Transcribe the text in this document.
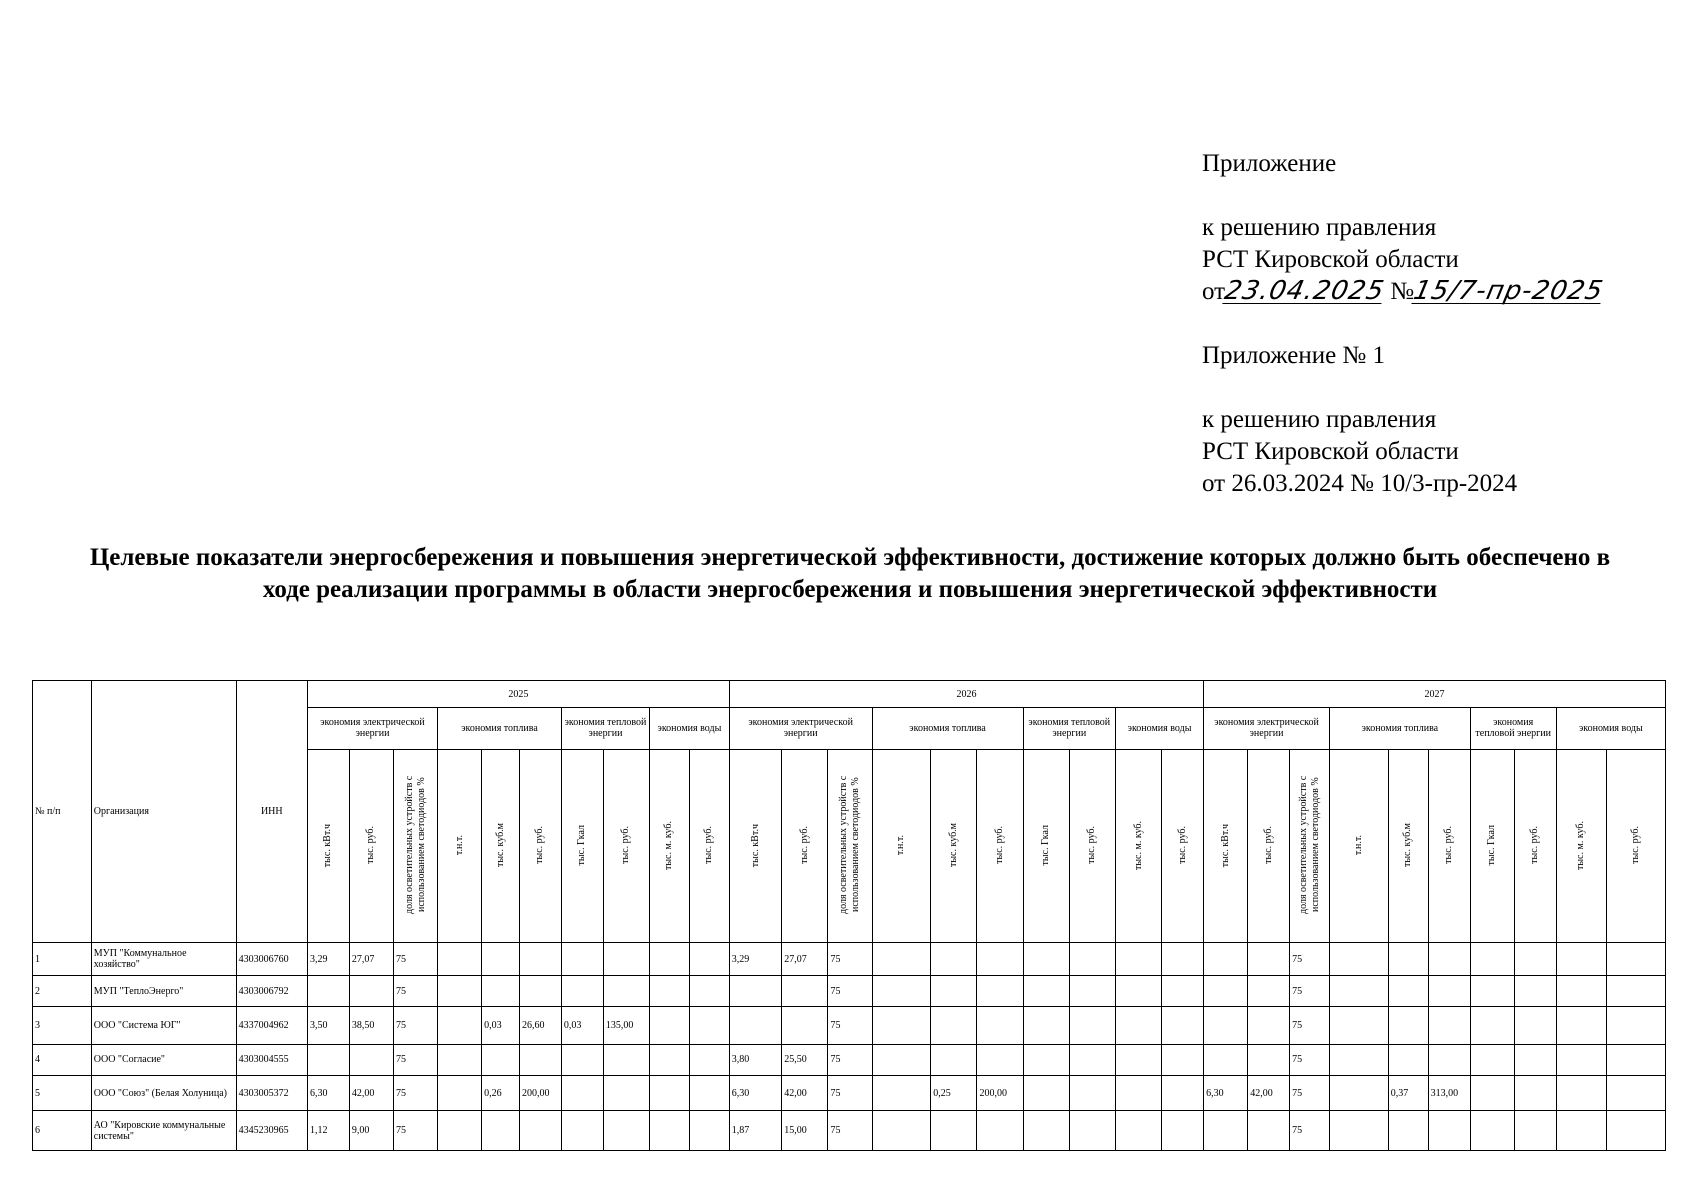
Приложение

к решению правления

РСТ Кировской области

от23.04.2025 №15/7-пр-2025

Приложение № 1

к решению правления

РСТ Кировской области

от 26.03.2024 № 10/3-пр-2024

Целевые показатели энергосбережения и повышения энергетической эффективности, достижение которых должно быть обеспечено в ходе реализации программы в области энергосбережения и повышения энергетической эффективности
№ п/п	Организация	ИНН	2025										2026										2027									
			экономия электрической энергии			экономия топлива			экономия тепловой энергии		экономия воды		экономия электрической энергии			экономия топлива			экономия тепловой энергии		экономия воды		экономия электрической энергии			экономия топлива			экономия тепловой энергии		экономия воды	
			тыс. кВт.ч	тыс. руб.	доля осветительных устройств с использованием светодиодов %	т.н.т.	тыс. куб.м	тыс. руб.	тыс. Гкал	тыс. руб.	тыс. м. куб.	тыс. руб.	тыс. кВт.ч	тыс. руб.	доля осветительных устройств с использованием светодиодов %	т.н.т.	тыс. куб.м	тыс. руб.	тыс. Гкал	тыс. руб.	тыс. м. куб.	тыс. руб.	тыс. кВт.ч	тыс. руб.	доля осветительных устройств с использованием светодиодов %	т.н.т.	тыс. куб.м	тыс. руб.	тыс. Гкал	тыс. руб.	тыс. м. куб.	тыс. руб.
1	МУП "Коммунальное хозяйство"	4303006760	3,29	27,07	75								3,29	27,07	75										75							
2	МУП "ТеплоЭнерго"	4303006792			75										75										75							
3	ООО "Система ЮГ"	4337004962	3,50	38,50	75		0,03	26,60	0,03	135,00					75										75							
4	ООО "Согласие"	4303004555			75								3,80	25,50	75										75							
5	ООО "Союз" (Белая Холуница)	4303005372	6,30	42,00	75		0,26	200,00					6,30	42,00	75		0,25	200,00					6,30	42,00	75		0,37	313,00				
6	АО "Кировские коммунальные системы"	4345230965	1,12	9,00	75								1,87	15,00	75										75							
